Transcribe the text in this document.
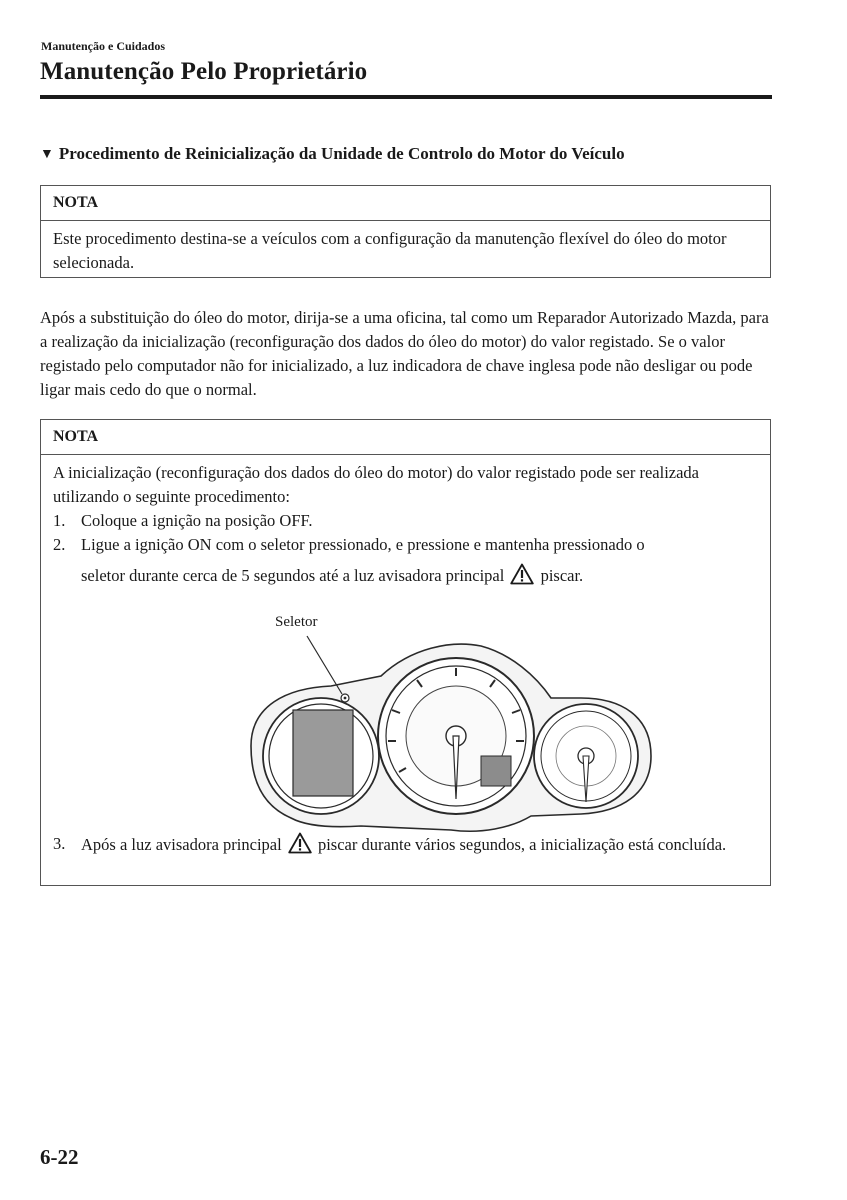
Manutenção e Cuidados
Manutenção Pelo Proprietário
▼ Procedimento de Reinicialização da Unidade de Controlo do Motor do Veículo
NOTA
Este procedimento destina-se a veículos com a configuração da manutenção flexível do óleo do motor selecionada.
Após a substituição do óleo do motor, dirija-se a uma oficina, tal como um Reparador Autorizado Mazda, para a realização da inicialização (reconfiguração dos dados do óleo do motor) do valor registado. Se o valor registado pelo computador não for inicializado, a luz indicadora de chave inglesa pode não desligar ou pode ligar mais cedo do que o normal.
NOTA
A inicialização (reconfiguração dos dados do óleo do motor) do valor registado pode ser realizada utilizando o seguinte procedimento:
1. Coloque a ignição na posição OFF.
2. Ligue a ignição ON com o seletor pressionado, e pressione e mantenha pressionado o
seletor durante cerca de 5 segundos até a luz avisadora principal piscar.
Seletor
3. Após a luz avisadora principal piscar durante vários segundos, a inicialização está concluída.
6-22
